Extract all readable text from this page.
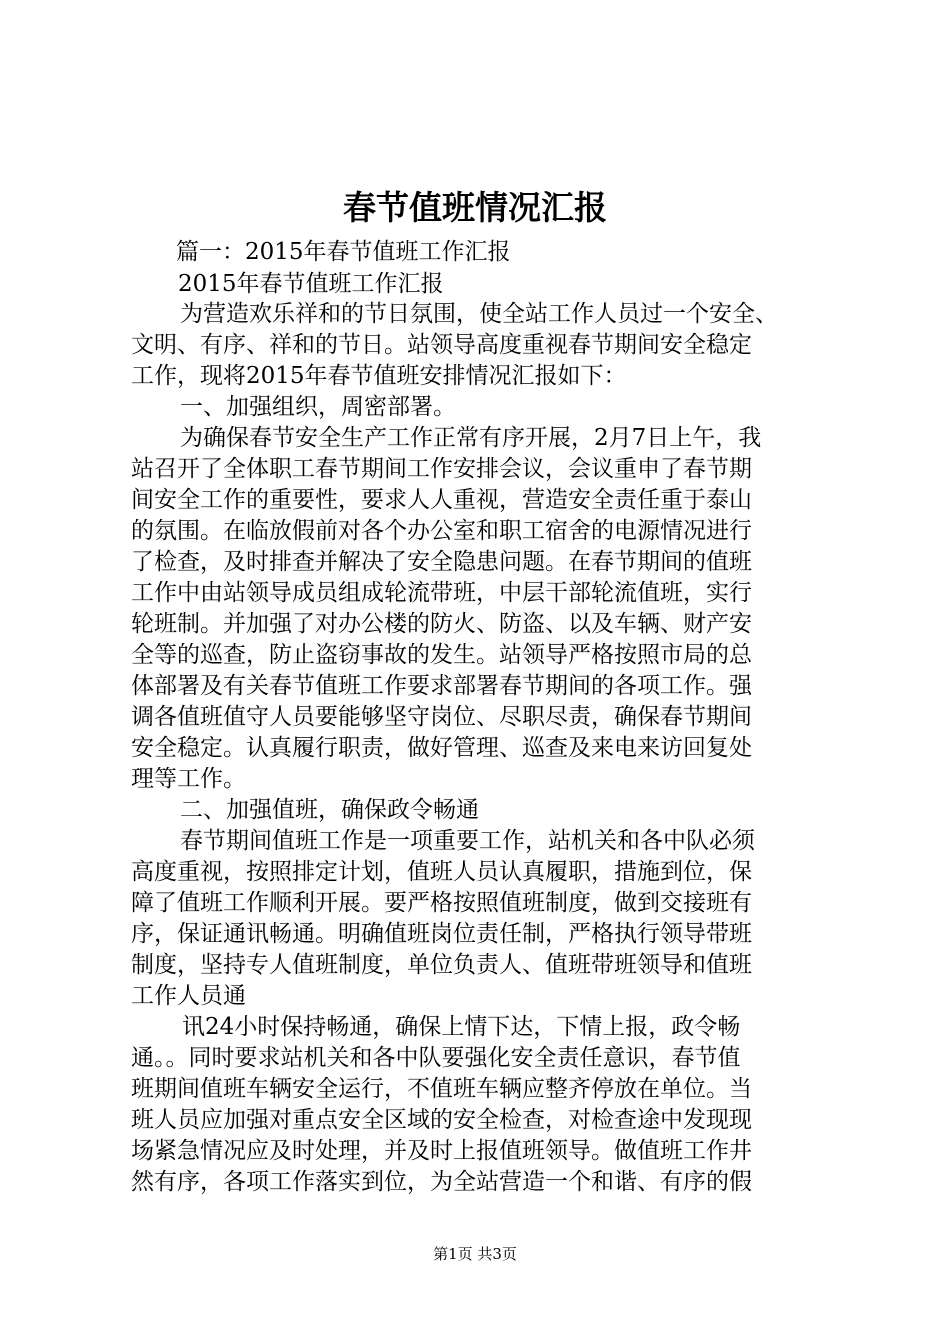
春节值班情况汇报

篇一：2015年春节值班工作汇报

2015年春节值班工作汇报

为营造欢乐祥和的节日氛围，使全站工作人员过一个安全、

文明、有序、祥和的节日。站领导高度重视春节期间安全稳定

工作，现将2015年春节值班安排情况汇报如下：

一、加强组织，周密部署。

为确保春节安全生产工作正常有序开展，2月7日上午，我

站召开了全体职工春节期间工作安排会议，会议重申了春节期

间安全工作的重要性，要求人人重视，营造安全责任重于泰山

的氛围。在临放假前对各个办公室和职工宿舍的电源情况进行

了检查，及时排查并解决了安全隐患问题。在春节期间的值班

工作中由站领导成员组成轮流带班，中层干部轮流值班，实行

轮班制。并加强了对办公楼的防火、防盗、以及车辆、财产安

全等的巡查，防止盗窃事故的发生。站领导严格按照市局的总

体部署及有关春节值班工作要求部署春节期间的各项工作。强

调各值班值守人员要能够坚守岗位、尽职尽责，确保春节期间

安全稳定。认真履行职责，做好管理、巡查及来电来访回复处

理等工作。

二、加强值班，确保政令畅通

春节期间值班工作是一项重要工作，站机关和各中队必须

高度重视，按照排定计划，值班人员认真履职，措施到位，保

障了值班工作顺利开展。要严格按照值班制度，做到交接班有

序，保证通讯畅通。明确值班岗位责任制，严格执行领导带班

制度，坚持专人值班制度，单位负责人、值班带班领导和值班

工作人员通

讯24小时保持畅通，确保上情下达，下情上报，政令畅

通。。同时要求站机关和各中队要强化安全责任意识，春节值

班期间值班车辆安全运行，不值班车辆应整齐停放在单位。当

班人员应加强对重点安全区域的安全检查，对检查途中发现现

场紧急情况应及时处理，并及时上报值班领导。做值班工作井

然有序，各项工作落实到位，为全站营造一个和谐、有序的假

第1页 共3页
